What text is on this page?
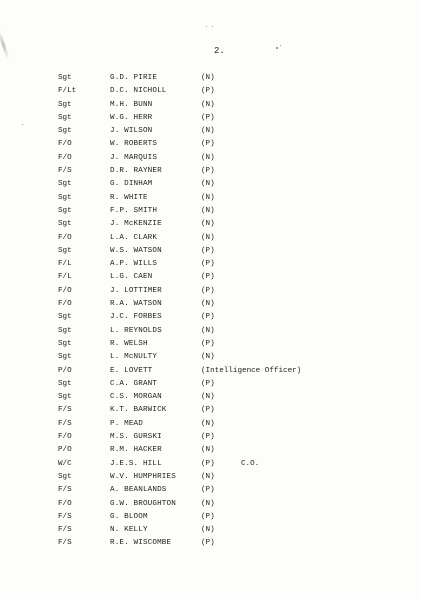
2.
Sgt	G.D. PIRIE	(N)
F/Lt	D.C. NICHOLL	(P)
Sgt	M.H. BUNN	(N)
Sgt	W.G. HERR	(P)
Sgt	J. WILSON	(N)
F/O	W. ROBERTS	(P)
F/O	J. MARQUIS	(N)
F/S	D.R. RAYNER	(P)
Sgt	G. DINHAM	(N)
Sgt	R. WHITE	(N)
Sgt	F.P. SMITH	(N)
Sgt	J. McKENZIE	(N)
F/O	L.A. CLARK	(N)
Sgt	W.S. WATSON	(P)
F/L	A.P. WILLS	(P)
F/L	L.G. CAEN	(P)
F/O	J. LOTTIMER	(P)
F/O	R.A. WATSON	(N)
Sgt	J.C. FORBES	(P)
Sgt	L. REYNOLDS	(N)
Sgt	R. WELSH	(P)
Sgt	L. McNULTY	(N)
P/O	E. LOVETT	(Intelligence Officer)
Sgt	C.A. GRANT	(P)
Sgt	C.S. MORGAN	(N)
F/S	K.T. BARWICK	(P)
F/S	P. MEAD	(N)
F/O	M.S. GURSKI	(P)
P/O	R.M. HACKER	(N)
W/C	J.E.S. HILL	(P)	C.O.
Sgt	W.V. HUMPHRIES	(N)
F/S	A. BEANLANDS	(P)
F/O	G.W. BROUGHTON	(N)
F/S	G. BLOOM	(P)
F/S	N. KELLY	(N)
F/S	R.E. WISCOMBE	(P)
